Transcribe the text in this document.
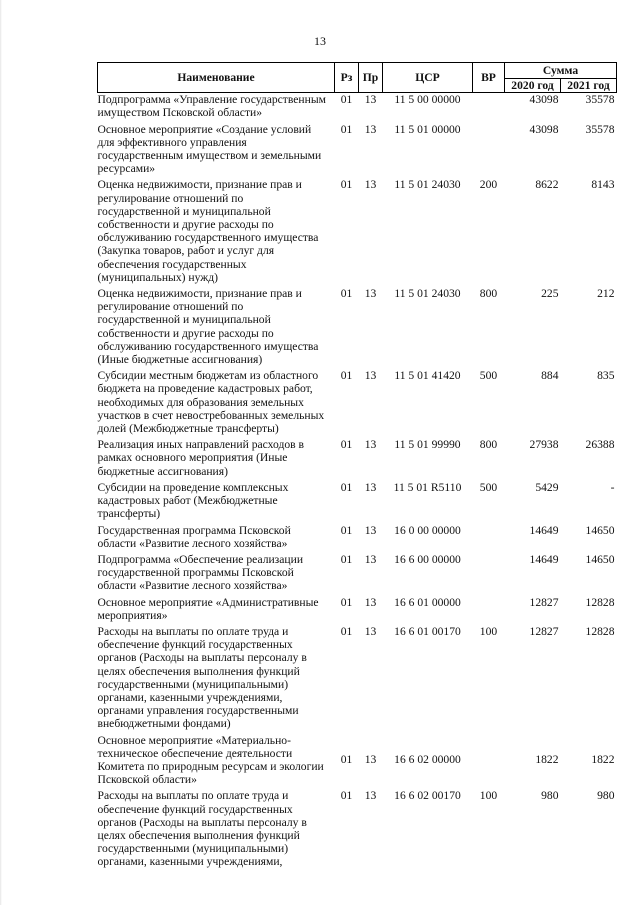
13
Наименование	Рз	Пр	ЦСР	ВР	Сумма	
					2020 год	2021 год
Подпрограмма «Управление государственным имуществом Псковской области»	01	13	11 5 00 00000		43098	35578
Основное мероприятие «Создание условий для эффективного управления государственным имуществом и земельными ресурсами»	01	13	11 5 01 00000		43098	35578
Оценка недвижимости, признание прав и регулирование отношений по государственной и муниципальной собственности и другие расходы по обслуживанию государственного имущества (Закупка товаров, работ и услуг для обеспечения государственных (муниципальных) нужд)	01	13	11 5 01 24030	200	8622	8143
Оценка недвижимости, признание прав и регулирование отношений по государственной и муниципальной собственности и другие расходы по обслуживанию государственного имущества (Иные бюджетные ассигнования)	01	13	11 5 01 24030	800	225	212
Субсидии местным бюджетам из областного бюджета на проведение кадастровых работ, необходимых для образования земельных участков в счет невостребованных земельных долей (Межбюджетные трансферты)	01	13	11 5 01 41420	500	884	835
Реализация иных направлений расходов в рамках основного мероприятия (Иные бюджетные ассигнования)	01	13	11 5 01 99990	800	27938	26388
Субсидии на проведение комплексных кадастровых работ (Межбюджетные трансферты)	01	13	11 5 01 R5110	500	5429	-
Государственная программа Псковской области «Развитие лесного хозяйства»	01	13	16 0 00 00000		14649	14650
Подпрограмма «Обеспечение реализации государственной программы Псковской области «Развитие лесного хозяйства»	01	13	16 6 00 00000		14649	14650
Основное мероприятие «Административные мероприятия»	01	13	16 6 01 00000		12827	12828
Расходы на выплаты по оплате труда и обеспечение функций государственных органов (Расходы на выплаты персоналу в целях обеспечения выполнения функций государственными (муниципальными) органами, казенными учреждениями, органами управления государственными внебюджетными фондами)	01	13	16 6 01 00170	100	12827	12828
Основное мероприятие «Материально-техническое обеспечение деятельности Комитета по природным ресурсам и экологии Псковской области»	01	13	16 6 02 00000		1822	1822
Расходы на выплаты по оплате труда и обеспечение функций государственных органов (Расходы на выплаты персоналу в целях обеспечения выполнения функций государственными (муниципальными) органами, казенными учреждениями,	01	13	16 6 02 00170	100	980	980
